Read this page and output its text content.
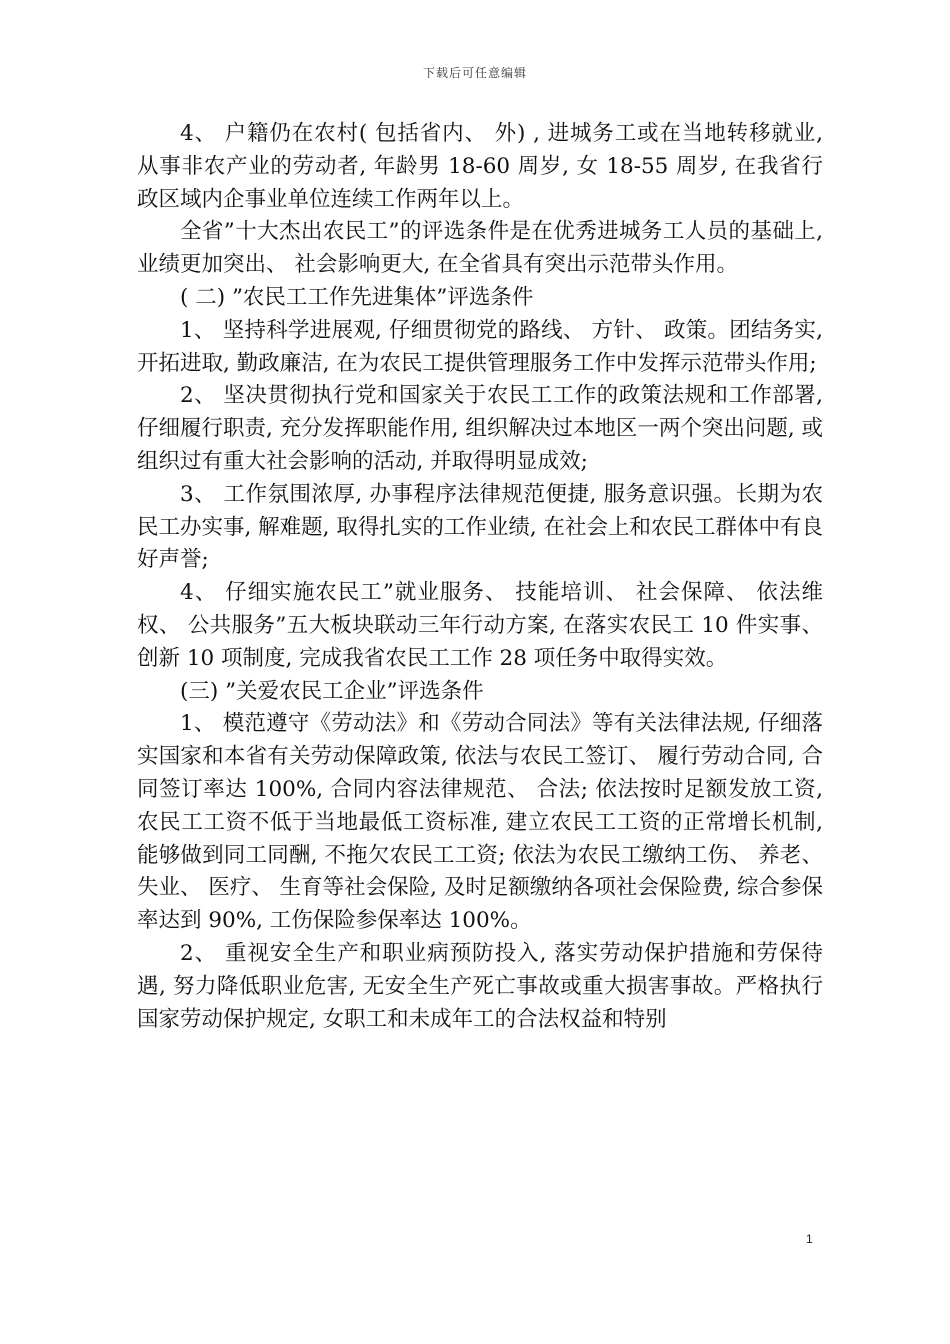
下载后可任意编辑

4、 户籍仍在农村( 包括省内、 外) , 进城务工或在当地转移就业, 从事非农产业的劳动者, 年龄男 18-60 周岁, 女 18-55 周岁, 在我省行政区域内企事业单位连续工作两年以上。

全省”十大杰出农民工”的评选条件是在优秀进城务工人员的基础上, 业绩更加突出、 社会影响更大, 在全省具有突出示范带头作用。

( 二) ”农民工工作先进集体”评选条件

1、 坚持科学进展观, 仔细贯彻党的路线、 方针、 政策。团结务实, 开拓进取, 勤政廉洁, 在为农民工提供管理服务工作中发挥示范带头作用;

2、 坚决贯彻执行党和国家关于农民工工作的政策法规和工作部署, 仔细履行职责, 充分发挥职能作用, 组织解决过本地区一两个突出问题, 或组织过有重大社会影响的活动, 并取得明显成效;

3、 工作氛围浓厚, 办事程序法律规范便捷, 服务意识强。长期为农民工办实事, 解难题, 取得扎实的工作业绩, 在社会上和农民工群体中有良好声誉;

4、 仔细实施农民工”就业服务、 技能培训、 社会保障、 依法维权、 公共服务”五大板块联动三年行动方案, 在落实农民工 10 件实事、 创新 10 项制度, 完成我省农民工工作 28 项任务中取得实效。

(三) ”关爱农民工企业”评选条件

1、 模范遵守《劳动法》和《劳动合同法》等有关法律法规, 仔细落实国家和本省有关劳动保障政策, 依法与农民工签订、 履行劳动合同, 合同签订率达 100%, 合同内容法律规范、 合法; 依法按时足额发放工资, 农民工工资不低于当地最低工资标准, 建立农民工工资的正常增长机制, 能够做到同工同酬, 不拖欠农民工工资; 依法为农民工缴纳工伤、 养老、 失业、 医疗、 生育等社会保险, 及时足额缴纳各项社会保险费, 综合参保率达到 90%, 工伤保险参保率达 100%。

2、 重视安全生产和职业病预防投入, 落实劳动保护措施和劳保待遇, 努力降低职业危害, 无安全生产死亡事故或重大损害事故。严格执行国家劳动保护规定, 女职工和未成年工的合法权益和特别

1
